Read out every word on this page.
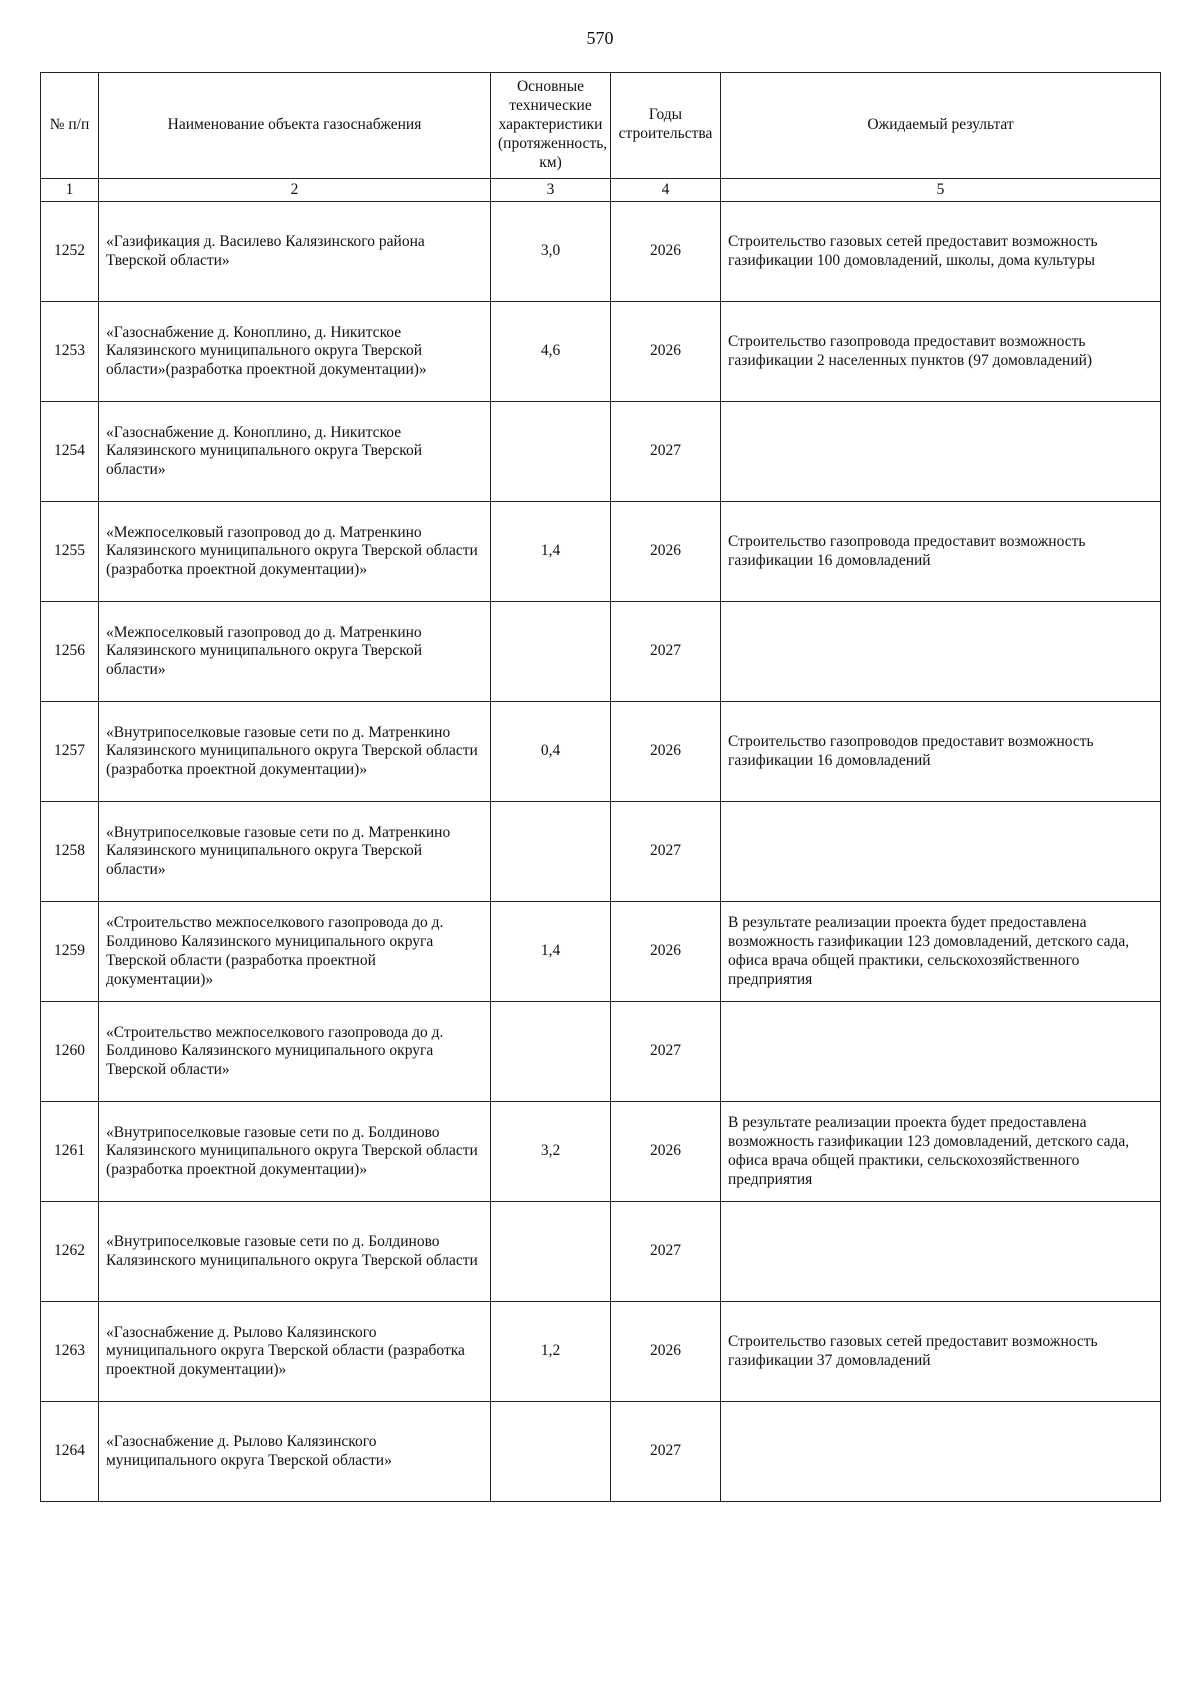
570
№ п/п	Наименование объекта газоснабжения	Основные технические характеристики (протяженность, км)	Годы строительства	Ожидаемый результат
1	2	3	4	5
1252	«Газификация д. Василево Калязинского района Тверской области»	3,0	2026	Строительство газовых сетей предоставит возможность газификации 100 домовладений, школы, дома культуры
1253	«Газоснабжение д. Коноплино, д. Никитское Калязинского муниципального округа Тверской области»(разработка проектной документации)»	4,6	2026	Строительство газопровода предоставит возможность газификации 2 населенных пунктов (97 домовладений)
1254	«Газоснабжение д. Коноплино, д. Никитское Калязинского муниципального округа Тверской области»		2027	
1255	«Межпоселковый газопровод до д. Матренкино Калязинского муниципального округа Тверской области (разработка проектной документации)»	1,4	2026	Строительство газопровода предоставит возможность газификации 16 домовладений
1256	«Межпоселковый газопровод до д. Матренкино Калязинского муниципального округа Тверской области»		2027	
1257	«Внутрипоселковые газовые сети по д. Матренкино Калязинского муниципального округа Тверской области (разработка проектной документации)»	0,4	2026	Строительство газопроводов предоставит возможность газификации 16 домовладений
1258	«Внутрипоселковые газовые сети по д. Матренкино Калязинского муниципального округа Тверской области»		2027	
1259	«Строительство межпоселкового газопровода до д. Болдиново Калязинского муниципального округа Тверской области (разработка проектной документации)»	1,4	2026	В результате реализации проекта будет предоставлена возможность газификации 123 домовладений, детского сада, офиса врача общей практики, сельскохозяйственного предприятия
1260	«Строительство межпоселкового газопровода до д. Болдиново Калязинского муниципального округа Тверской области»		2027	
1261	«Внутрипоселковые газовые сети по д. Болдиново Калязинского муниципального округа Тверской области (разработка проектной документации)»	3,2	2026	В результате реализации проекта будет предоставлена возможность газификации 123 домовладений, детского сада, офиса врача общей практики, сельскохозяйственного предприятия
1262	«Внутрипоселковые газовые сети по д. Болдиново Калязинского муниципального округа Тверской области		2027	
1263	«Газоснабжение д. Рылово Калязинского муниципального округа Тверской области (разработка проектной документации)»	1,2	2026	Строительство газовых сетей предоставит возможность газификации 37 домовладений
1264	«Газоснабжение д. Рылово Калязинского муниципального округа Тверской области»		2027	
